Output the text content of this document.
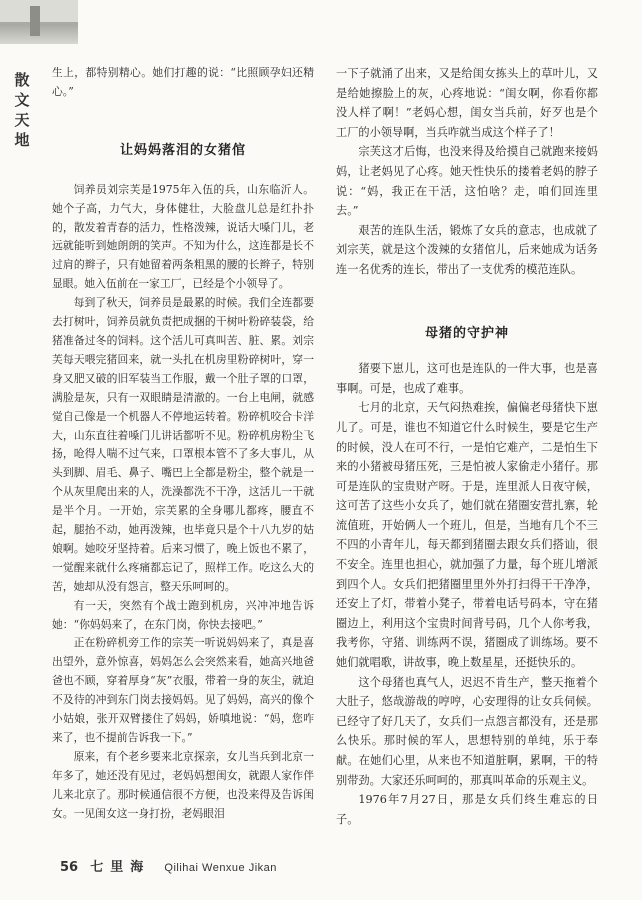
散
文
天
地

生上，都特别精心。她们打趣的说：“比照顾孕妇还精心。”

让妈妈落泪的女猪倌

饲养员刘宗芙是1975年入伍的兵，山东临沂人。她个子高，力气大，身体健壮，大脸盘儿总是红扑扑的，散发着青春的活力，性格泼辣，说话大嗓门儿，老远就能听到她朗朗的笑声。不知为什么，这连都是长不过肩的辫子，只有她留着两条粗黑的腰的长辫子，特别显眼。她入伍前在一家工厂，已经是个小领导了。

每到了秋天，饲养员是最累的时候。我们全连都要去打树叶，饲养员就负责把成捆的干树叶粉碎装袋，给猪准备过冬的饲料。这个活儿可真叫苦、脏、累。刘宗芙每天喂完猪回来，就一头扎在机房里粉碎树叶，穿一身又肥又破的旧军装当工作服，戴一个肚子罩的口罩，满脸是灰，只有一双眼睛是清澈的。一台上电闸，就感觉自己像是一个机器人不停地运转着。粉碎机咬合卡洋大，山东直往着嗓门儿讲话都听不见。粉碎机房粉尘飞扬，呛得人喘不过气来，口罩根本管不了多大事儿，从头到脚、眉毛、鼻子、嘴巴上全都是粉尘，整个就是一个从灰里爬出来的人，洗澡都洗不干净，这活儿一干就是半个月。一开始，宗芙累的全身哪儿都疼，腰直不起，腿抬不动，她再泼辣，也毕竟只是个十八九岁的姑娘啊。她咬牙坚持着。后来习惯了，晚上饭也不累了，一觉醒来就什么疼痛都忘记了，照样工作。吃这么大的苦，她却从没有怨言，整天乐呵呵的。

有一天，突然有个战士跑到机房，兴冲冲地告诉她：“你妈妈来了，在东门岗，你快去接吧。”

正在粉碎机旁工作的宗芙一听说妈妈来了，真是喜出望外，意外惊喜，妈妈怎么会突然来看，她高兴地爸爸也不顾，穿着厚身“灰”衣服，带着一身的灰尘，就迫不及待的冲到东门岗去接妈妈。见了妈妈，高兴的像个小姑娘，张开双臂搂住了妈妈，娇嗔地说：“妈，您咋来了，也不提前告诉我一下。”

原来，有个老乡要来北京探亲，女儿当兵到北京一年多了，她还没有见过，老妈妈想闺女，就跟人家作伴儿来北京了。那时候通信很不方便，也没来得及告诉闺女。一见闺女这一身打扮，老妈眼泪

一下子就涌了出来，又是给闺女拣头上的草叶儿，又是给她擦脸上的灰，心疼地说：“闺女啊，你看你都没人样了啊！”老妈心想，闺女当兵前，好歹也是个工厂的小领导啊，当兵咋就当成这个样子了！

宗芙这才后悔，也没来得及给摸自己就跑来接妈妈，让老妈见了心疼。她天性快乐的搂着老妈的脖子说：“妈，我正在干活，这怕啥？走，咱们回连里去。”

艰苦的连队生活，锻炼了女兵的意志，也成就了刘宗芙，就是这个泼辣的女猪倌儿，后来她成为话务连一名优秀的连长，带出了一支优秀的模范连队。

母猪的守护神

猪要下崽儿，这可也是连队的一件大事，也是喜事啊。可是，也成了难事。

七月的北京，天气闷热难挨，偏偏老母猪快下崽儿了。可是，谁也不知道它什么时候生，要是它生产的时候，没人在可不行，一是怕它难产，二是怕生下来的小猪被母猪压死，三是怕被人家偷走小猪仔。那可是连队的宝贵财产呀。于是，连里派人日夜守候，这可苦了这些小女兵了，她们就在猪圈安营扎寨，轮流值班，开始俩人一个班儿，但是，当地有几个不三不四的小青年儿，每天都到猪圈去跟女兵们搭讪，很不安全。连里也担心，就加强了力量，每个班儿增派到四个人。女兵们把猪圈里里外外打扫得干干净净，还安上了灯，带着小凳子，带着电话号码本，守在猪圈边上，利用这个宝贵时间背号码，几个人你考我，我考你，守猪、训练两不误，猪圈成了训练场。要不她们就唱歌，讲故事，晚上数星星，还挺快乐的。

这个母猪也真气人，迟迟不肯生产，整天拖着个大肚子，悠哉游哉的哼哼，心安理得的让女兵伺候。已经守了好几天了，女兵们一点怨言都没有，还是那么快乐。那时候的军人，思想特别的单纯，乐于奉献。在她们心里，从来也不知道脏啊，累啊，干的特别带劲。大家还乐呵呵的，那真叫革命的乐观主义。

1976年7月27日，那是女兵们终生难忘的日子。

56 七里海 Qilihai Wenxue Jikan
